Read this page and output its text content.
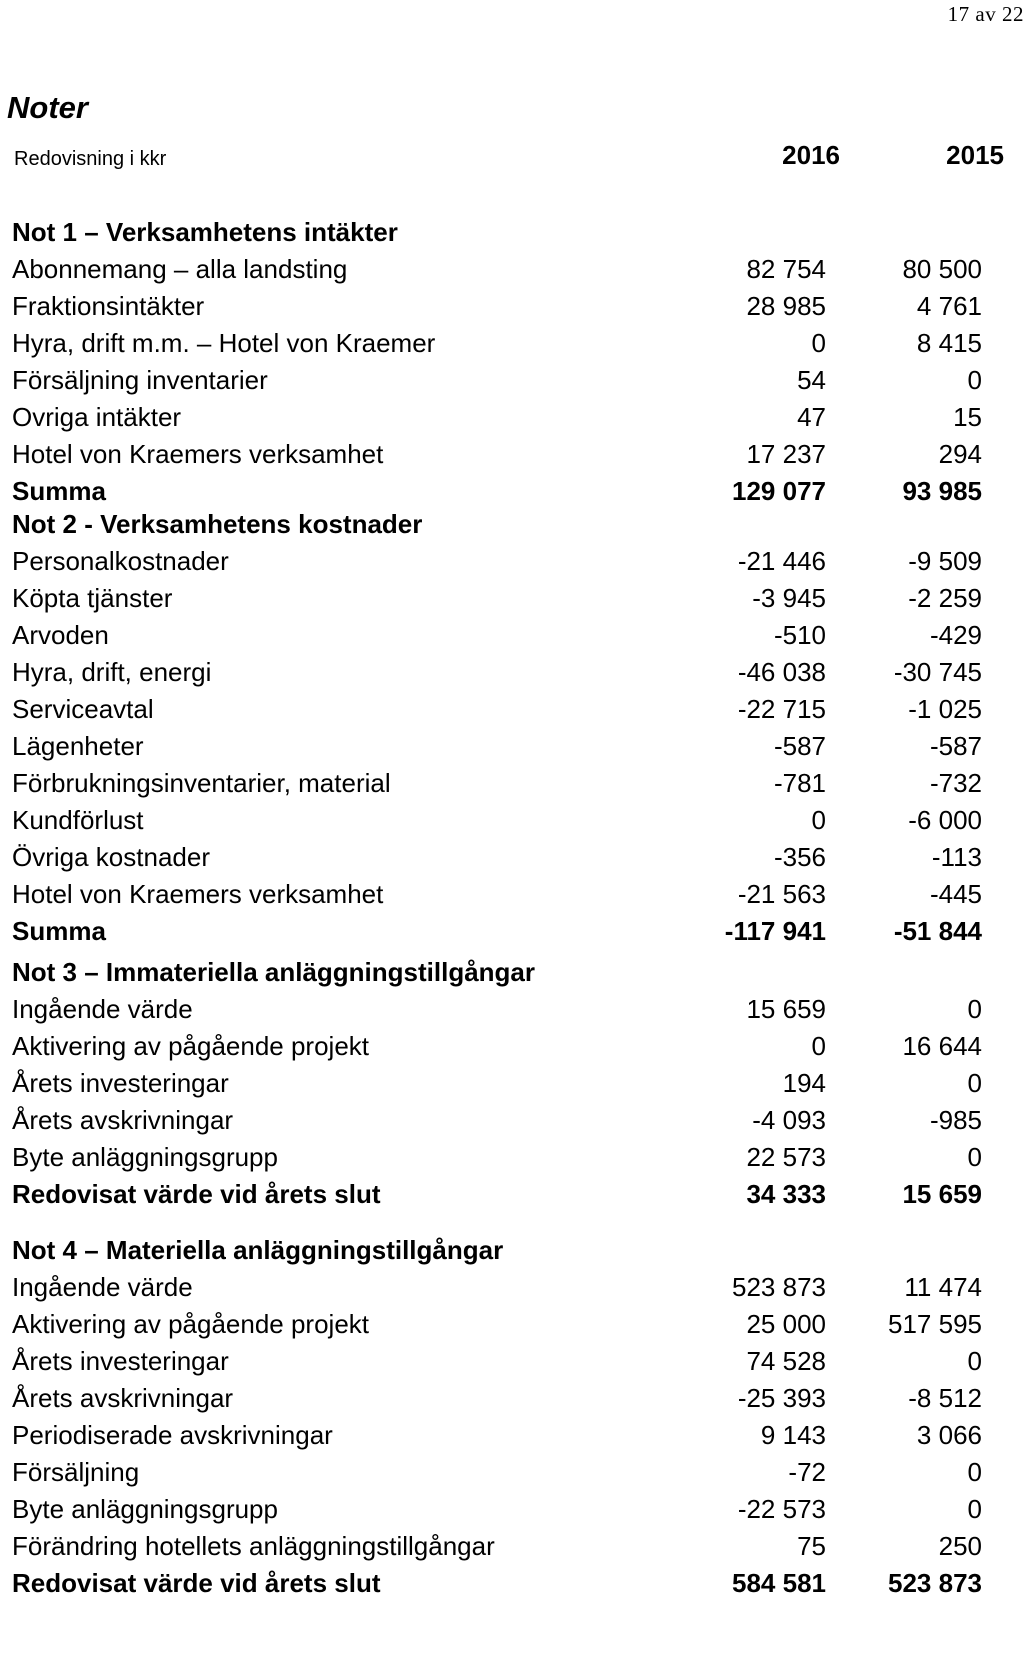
17 av 22
Noter
Redovisning i kkr	2016	2015
Not 1 – Verksamhetens intäkter
Abonnemang – alla landsting	82 754	80 500
Fraktionsintäkter	28 985	4 761
Hyra, drift m.m. – Hotel von Kraemer	0	8 415
Försäljning inventarier	54	0
Ovriga intäkter	47	15
Hotel von Kraemers verksamhet	17 237	294
Summa	129 077	93 985
Not 2 - Verksamhetens kostnader
Personalkostnader	-21 446	-9 509
Köpta tjänster	-3 945	-2 259
Arvoden	-510	-429
Hyra, drift, energi	-46 038	-30 745
Serviceavtal	-22 715	-1 025
Lägenheter	-587	-587
Förbrukningsinventarier, material	-781	-732
Kundförlust	0	-6 000
Övriga kostnader	-356	-113
Hotel von Kraemers verksamhet	-21 563	-445
Summa	-117 941	-51 844
Not 3 – Immateriella anläggningstillgångar
Ingående värde	15 659	0
Aktivering av pågående projekt	0	16 644
Årets investeringar	194	0
Årets avskrivningar	-4 093	-985
Byte anläggningsgrupp	22 573	0
Redovisat värde vid årets slut	34 333	15 659
Not 4 – Materiella anläggningstillgångar
Ingående värde	523 873	11 474
Aktivering av pågående projekt	25 000	517 595
Årets investeringar	74 528	0
Årets avskrivningar	-25 393	-8 512
Periodiserade avskrivningar	9 143	3 066
Försäljning	-72	0
Byte anläggningsgrupp	-22 573	0
Förändring hotellets anläggningstillgångar	75	250
Redovisat värde vid årets slut	584 581	523 873
